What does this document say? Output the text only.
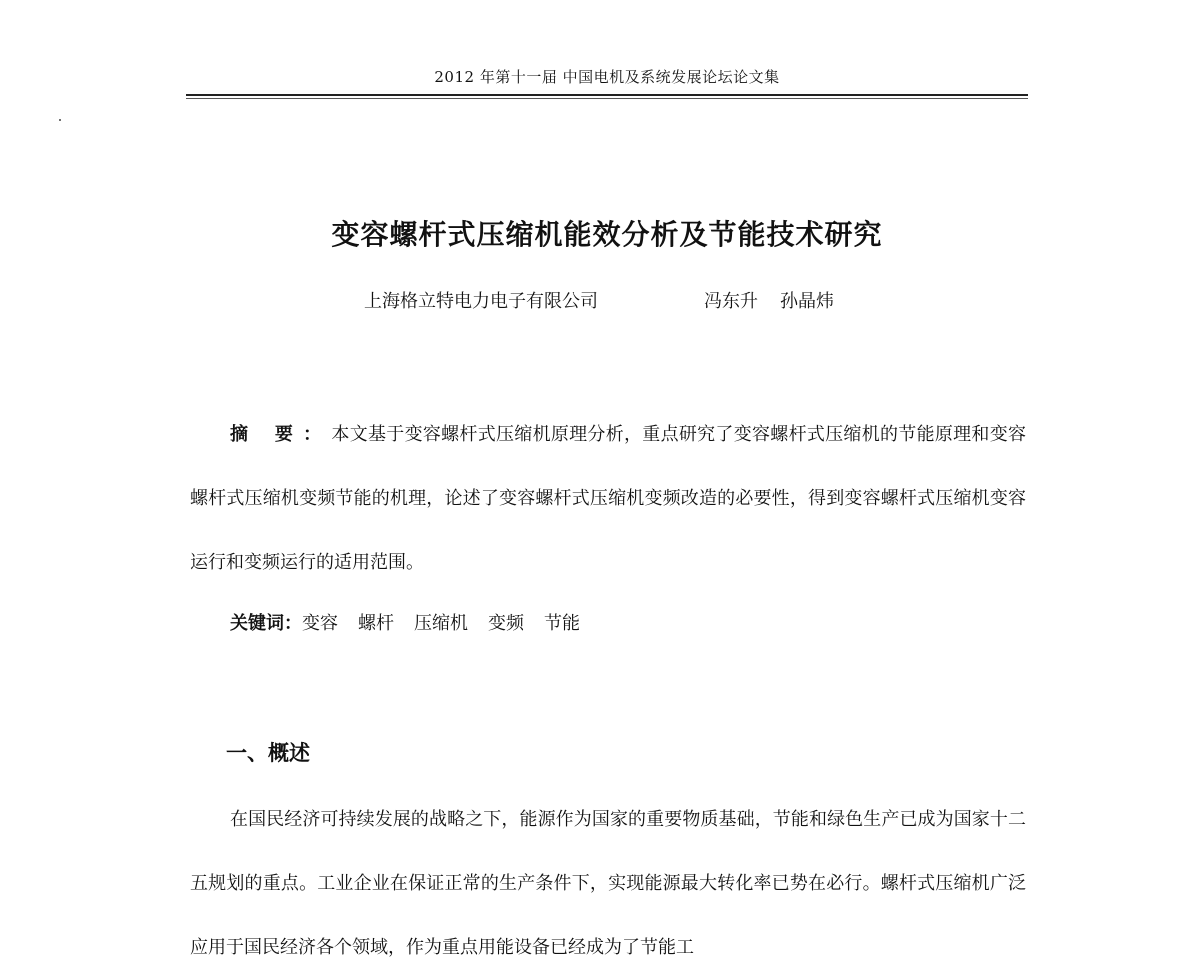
2012 年第十一届 中国电机及系统发展论坛论文集
变容螺杆式压缩机能效分析及节能技术研究
上海格立特电力电子有限公司	冯东升 孙晶炜
摘 要：本文基于变容螺杆式压缩机原理分析，重点研究了变容螺杆式压缩机的节能原理和变容螺杆式压缩机变频节能的机理，论述了变容螺杆式压缩机变频改造的必要性，得到变容螺杆式压缩机变容运行和变频运行的适用范围。
关键词：变容 螺杆 压缩机 变频 节能
一、概述
在国民经济可持续发展的战略之下，能源作为国家的重要物质基础，节能和绿色生产已成为国家十二五规划的重点。工业企业在保证正常的生产条件下，实现能源最大转化率已势在必行。螺杆式压缩机广泛应用于国民经济各个领域，作为重点用能设备已经成为了节能工
